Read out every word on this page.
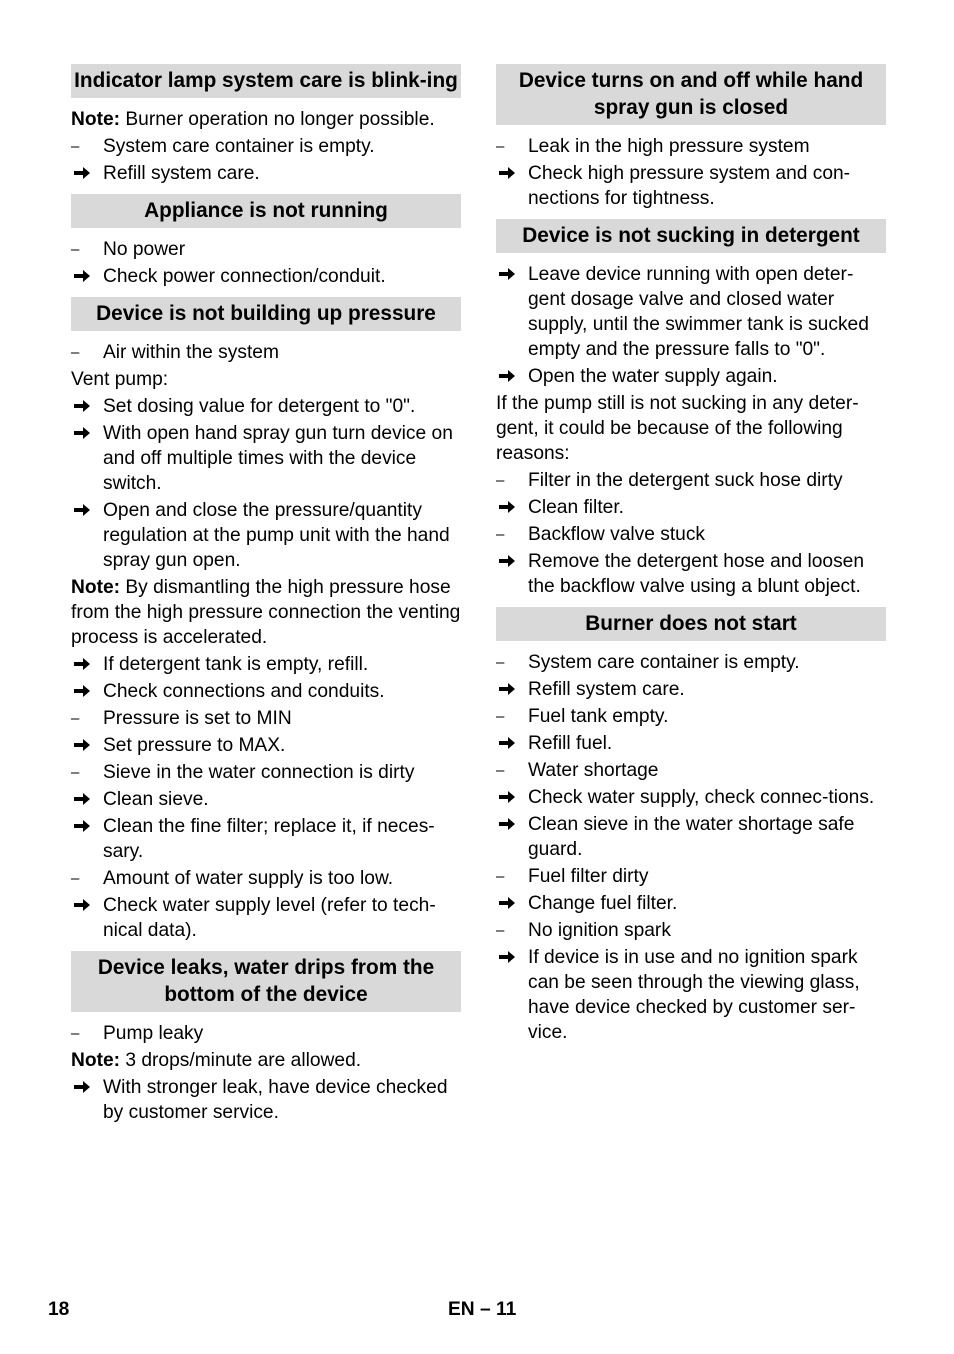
Indicator lamp system care is blink-ing

Note: Burner operation no longer possible.

–	System care container is empty.
Refill system care.
Appliance is not running
–	No power
Check power connection/conduit.
Device is not building up pressure
–	Air within the system

Vent pump:

Set dosing value for detergent to "0".
With open hand spray gun turn device on and off multiple times with the device switch.
Open and close the pressure/quantity regulation at the pump unit with the hand spray gun open.

Note: By dismantling the high pressure hose from the high pressure connection the venting process is accelerated.

If detergent tank is empty, refill.
Check connections and conduits.
–	Pressure is set to MIN
Set pressure to MAX.
–	Sieve in the water connection is dirty
Clean sieve.
Clean the fine filter; replace it, if neces-sary.
–	Amount of water supply is too low.
Check water supply level (refer to tech-nical data).
Device leaks, water drips from the bottom of the device
–	Pump leaky

Note: 3 drops/minute are allowed.

With stronger leak, have device checked by customer service.
Device turns on and off while hand spray gun is closed
–	Leak in the high pressure system
Check high pressure system and con-nections for tightness.
Device is not sucking in detergent
Leave device running with open deter-gent dosage valve and closed water supply, until the swimmer tank is sucked empty and the pressure falls to "0".
Open the water supply again.

If the pump still is not sucking in any deter-gent, it could be because of the following reasons:

–	Filter in the detergent suck hose dirty
Clean filter.
–	Backflow valve stuck
Remove the detergent hose and loosen the backflow valve using a blunt object.
Burner does not start
–	System care container is empty.
Refill system care.
–	Fuel tank empty.
Refill fuel.
–	Water shortage
Check water supply, check connec-tions.
Clean sieve in the water shortage safe guard.
–	Fuel filter dirty
Change fuel filter.
–	No ignition spark
If device is in use and no ignition spark can be seen through the viewing glass, have device checked by customer ser-vice.
18	EN – 11
